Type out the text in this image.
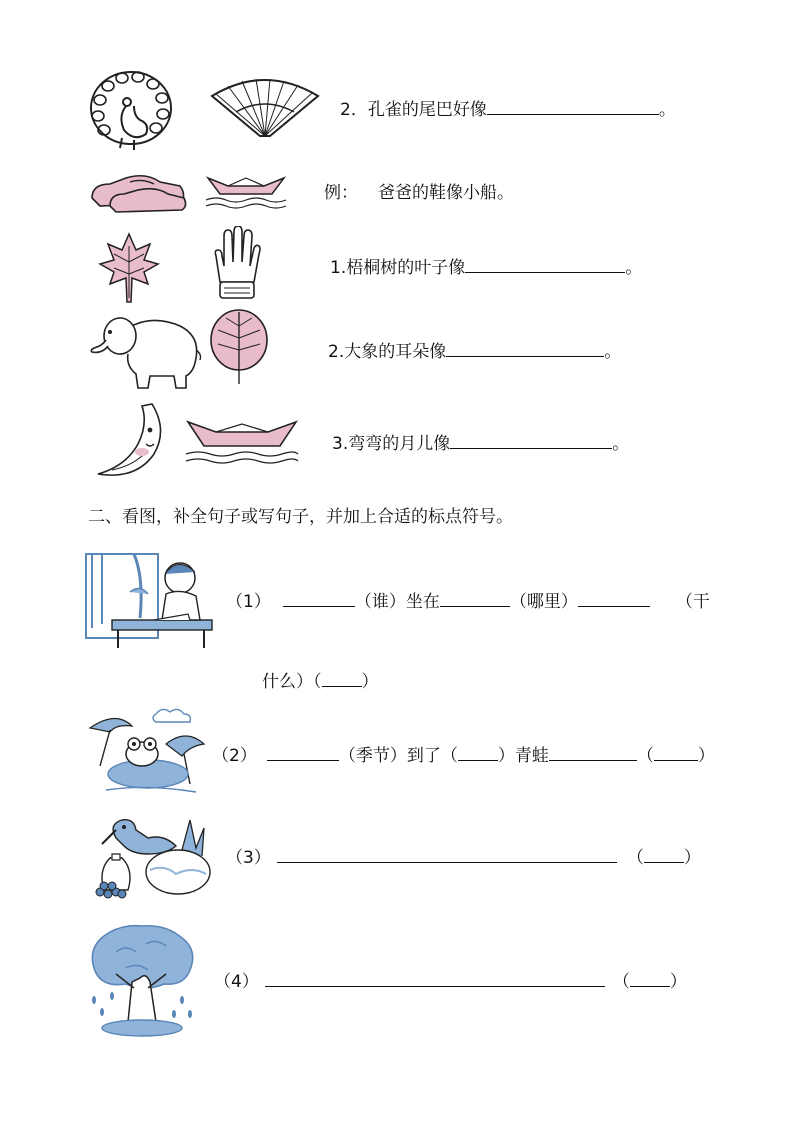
2．孔雀的尾巴好像	。
例： 爸爸的鞋像小船。
1.梧桐树的叶子像	。
2.大象的耳朵像	。
3.弯弯的月儿像	。
二、看图，补全句子或写句子，并加上合适的标点符号。
（1）	（谁）坐在	（哪里）	（干
什么）（ ）
（2）	（季节）到了（ ）青蛙	（	）
（3）	（ ）
（4）	（ ）
